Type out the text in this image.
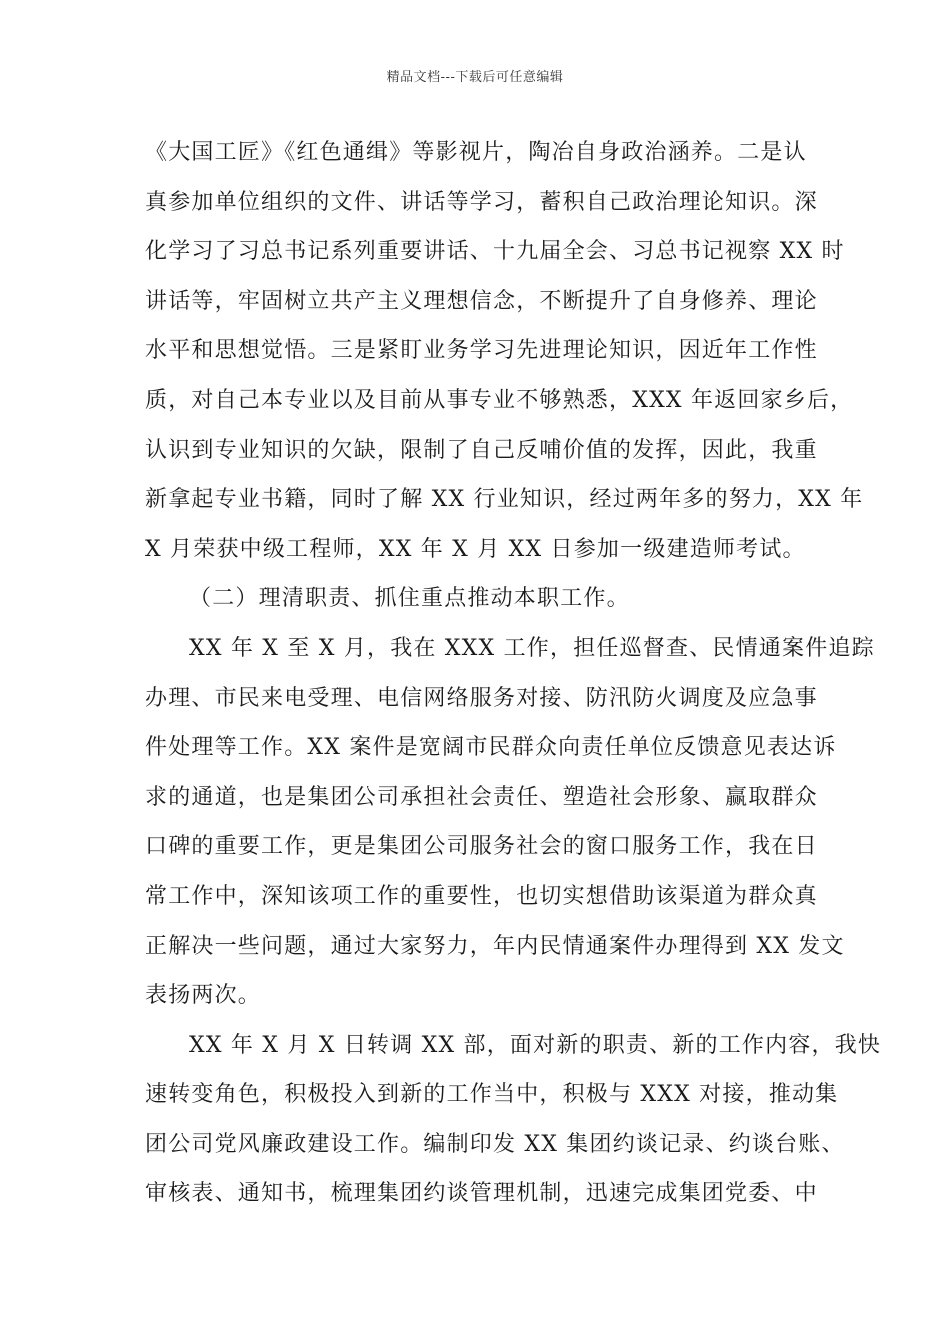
精品文档---下载后可任意编辑
《大国工匠》《红色通缉》等影视片，陶冶自身政治涵养。二是认
真参加单位组织的文件、讲话等学习，蓄积自己政治理论知识。深
化学习了习总书记系列重要讲话、十九届全会、习总书记视察 XX 时
讲话等，牢固树立共产主义理想信念，不断提升了自身修养、理论
水平和思想觉悟。三是紧盯业务学习先进理论知识，因近年工作性
质，对自己本专业以及目前从事专业不够熟悉，XXX 年返回家乡后，
认识到专业知识的欠缺，限制了自己反哺价值的发挥，因此，我重
新拿起专业书籍，同时了解 XX 行业知识，经过两年多的努力，XX 年
X 月荣获中级工程师，XX 年 X 月 XX 日参加一级建造师考试。
（二）理清职责、抓住重点推动本职工作。
XX 年 X 至 X 月，我在 XXX 工作，担任巡督查、民情通案件追踪
办理、市民来电受理、电信网络服务对接、防汛防火调度及应急事
件处理等工作。XX 案件是宽阔市民群众向责任单位反馈意见表达诉
求的通道，也是集团公司承担社会责任、塑造社会形象、赢取群众
口碑的重要工作，更是集团公司服务社会的窗口服务工作，我在日
常工作中，深知该项工作的重要性，也切实想借助该渠道为群众真
正解决一些问题，通过大家努力，年内民情通案件办理得到 XX 发文
表扬两次。
XX 年 X 月 X 日转调 XX 部，面对新的职责、新的工作内容，我快
速转变角色，积极投入到新的工作当中，积极与 XXX 对接，推动集
团公司党风廉政建设工作。编制印发 XX 集团约谈记录、约谈台账、
审核表、通知书，梳理集团约谈管理机制，迅速完成集团党委、中
